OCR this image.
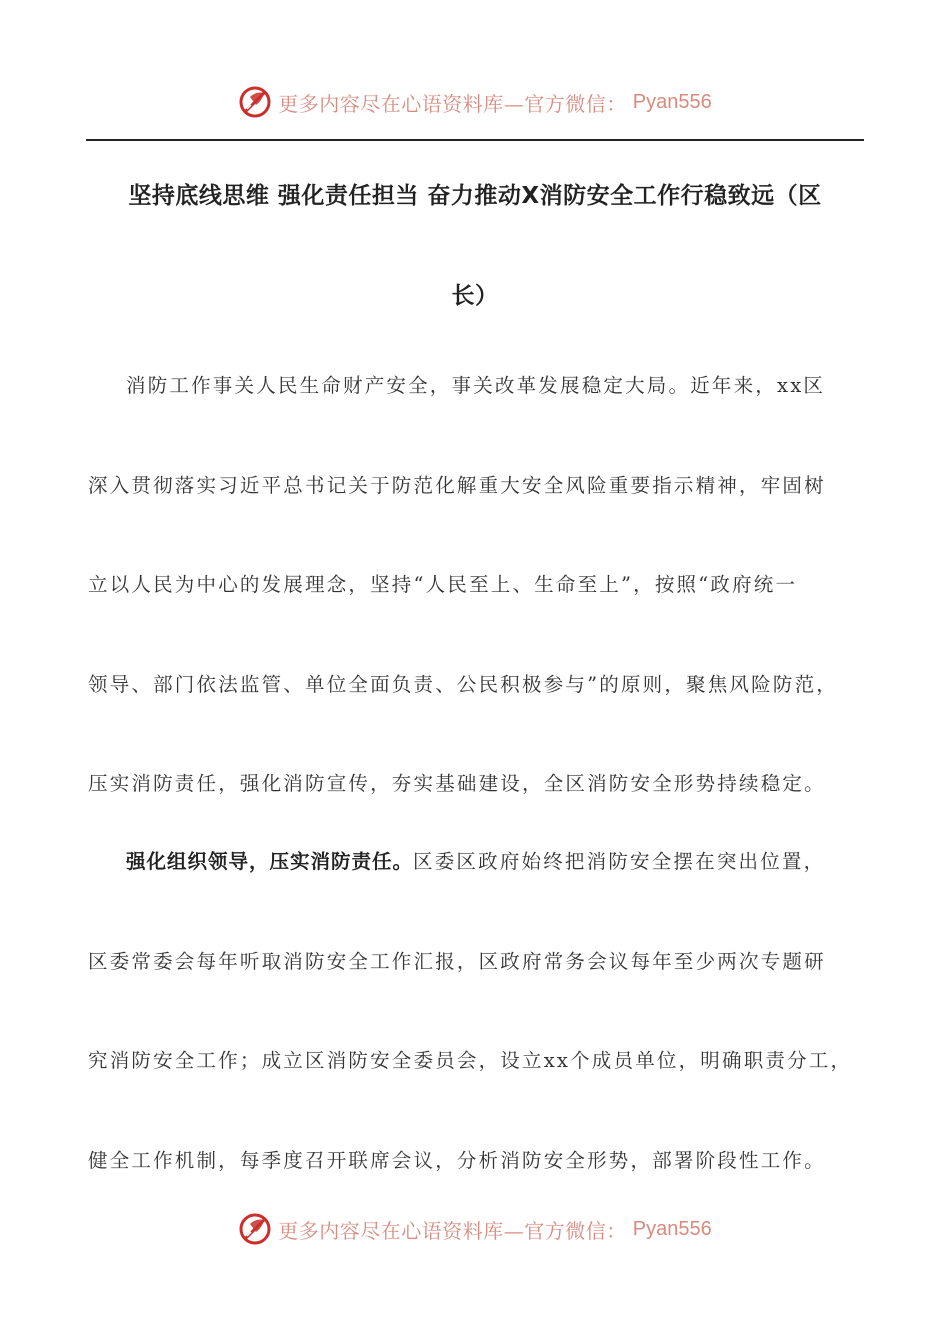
更多内容尽在心语资料库—官方微信： Pyan556
坚持底线思维 强化责任担当 奋力推动X消防安全工作行稳致远（区
长）
消防工作事关人民生命财产安全，事关改革发展稳定大局。近年来，xx区
深入贯彻落实习近平总书记关于防范化解重大安全风险重要指示精神，牢固树
立以人民为中心的发展理念，坚持“人民至上、生命至上”，按照“政府统一
领导、部门依法监管、单位全面负责、公民积极参与”的原则，聚焦风险防范，
压实消防责任，强化消防宣传，夯实基础建设，全区消防安全形势持续稳定。
强化组织领导，压实消防责任。区委区政府始终把消防安全摆在突出位置，
区委常委会每年听取消防安全工作汇报，区政府常务会议每年至少两次专题研
究消防安全工作；成立区消防安全委员会，设立xx个成员单位，明确职责分工，
健全工作机制，每季度召开联席会议，分析消防安全形势，部署阶段性工作。
更多内容尽在心语资料库—官方微信： Pyan556
